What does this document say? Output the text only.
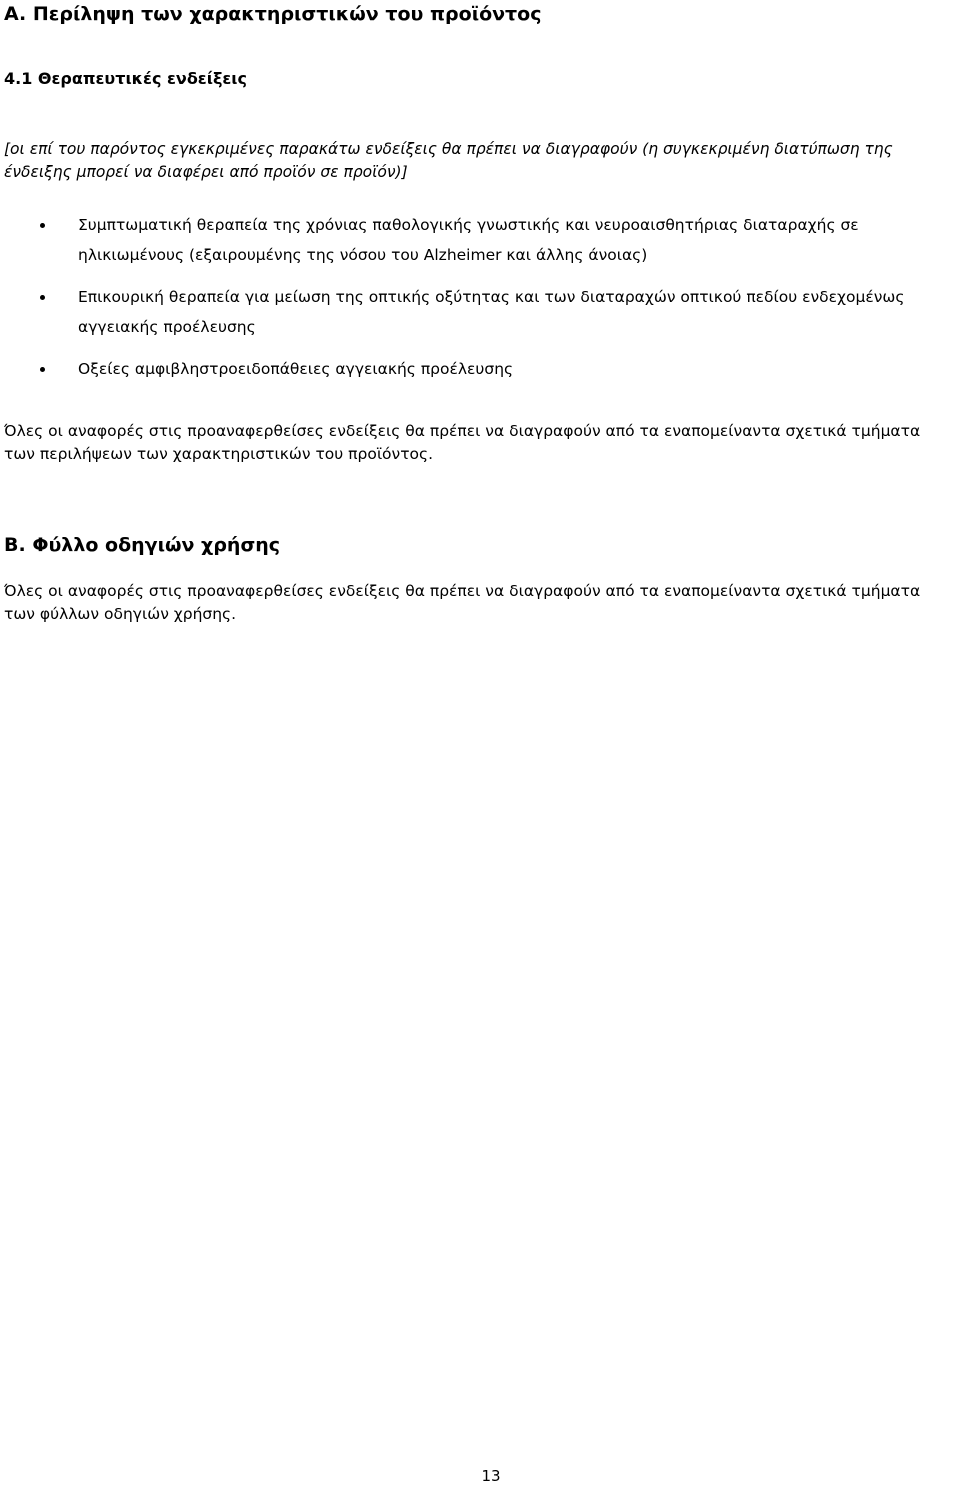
A. Περίληψη των χαρακτηριστικών του προϊόντος
4.1 Θεραπευτικές ενδείξεις

[οι επί του παρόντος εγκεκριμένες παρακάτω ενδείξεις θα πρέπει να διαγραφούν (η συγκεκριμένη διατύπωση της ένδειξης μπορεί να διαφέρει από προϊόν σε προϊόν)]

Συμπτωματική θεραπεία της χρόνιας παθολογικής γνωστικής και νευροαισθητήριας διαταραχής σε ηλικιωμένους (εξαιρουμένης της νόσου του Alzheimer και άλλης άνοιας)
Επικουρική θεραπεία για μείωση της οπτικής οξύτητας και των διαταραχών οπτικού πεδίου ενδεχομένως αγγειακής προέλευσης
Οξείες αμφιβληστροειδοπάθειες αγγειακής προέλευσης

Όλες οι αναφορές στις προαναφερθείσες ενδείξεις θα πρέπει να διαγραφούν από τα εναπομείναντα σχετικά τμήματα των περιλήψεων των χαρακτηριστικών του προϊόντος.

B. Φύλλο οδηγιών χρήσης

Όλες οι αναφορές στις προαναφερθείσες ενδείξεις θα πρέπει να διαγραφούν από τα εναπομείναντα σχετικά τμήματα των φύλλων οδηγιών χρήσης.

13
